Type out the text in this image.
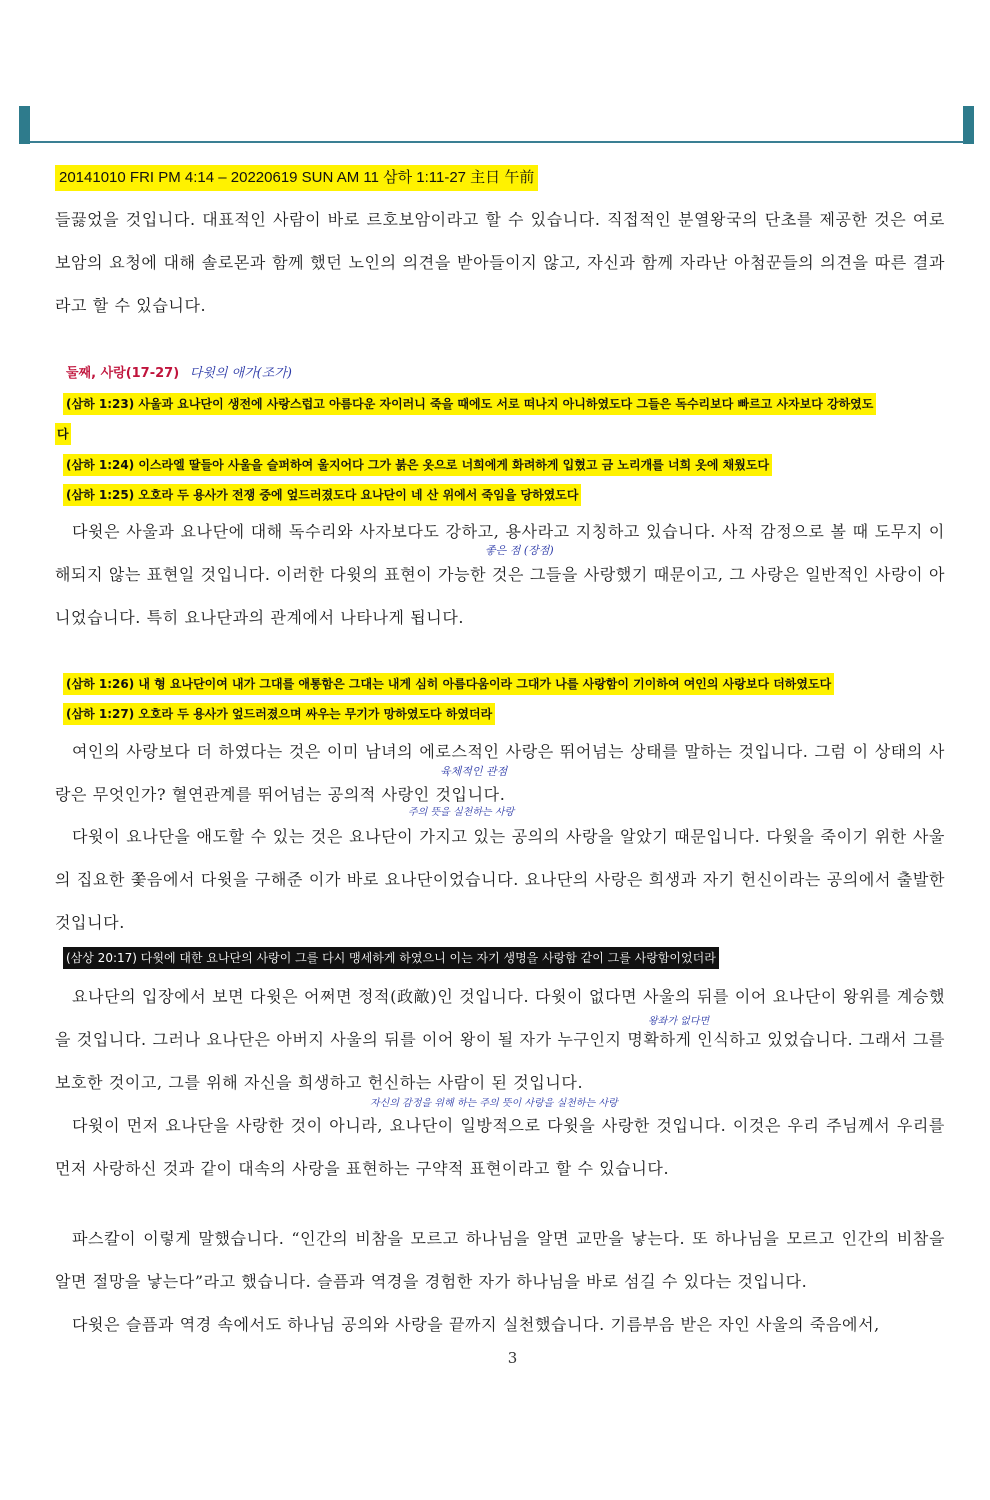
20141010 FRI PM 4:14 – 20220619 SUN AM 11 삼하 1:11-27 主日 午前
들끓었을 것입니다. 대표적인 사람이 바로 르호보암이라고 할 수 있습니다. 직접적인 분열왕국의 단초를 제공한 것은 여로보암의 요청에 대해 솔로몬과 함께 했던 노인의 의견을 받아들이지 않고, 자신과 함께 자라난 아첨꾼들의 의견을 따른 결과라고 할 수 있습니다.
둘째, 사랑(17-27) 다윗의 애가(조가)
(삼하 1:23) 사울과 요나단이 생전에 사랑스럽고 아름다운 자이러니 죽을 때에도 서로 떠나지 아니하였도다 그들은 독수리보다 빠르고 사자보다 강하였도
다
(삼하 1:24) 이스라엘 딸들아 사울을 슬퍼하여 울지어다 그가 붉은 옷으로 너희에게 화려하게 입혔고 금 노리개를 너희 옷에 채웠도다
(삼하 1:25) 오호라 두 용사가 전쟁 중에 엎드러졌도다 요나단이 네 산 위에서 죽임을 당하였도다
다윗은 사울과 요나단에 대해 독수리와 사자보다도 강하고, 용사라고 지칭하고 있습니다. 사적 감정으로 볼 때 도무지 이해되지 않는 표현일 것입니다. 이러한 다윗의 표현이 가능한 것은 그들을 사랑했기 때문이고, 그 사랑은 일반적인 사랑이 아니었습니다. 특히 요나단과의 관계에서 나타나게 됩니다.
좋은 점 (장점)
(삼하 1:26) 내 형 요나단이여 내가 그대를 애통함은 그대는 내게 심히 아름다움이라 그대가 나를 사랑함이 기이하여 여인의 사랑보다 더하였도다
(삼하 1:27) 오호라 두 용사가 엎드러졌으며 싸우는 무기가 망하였도다 하였더라
여인의 사랑보다 더 하였다는 것은 이미 남녀의 에로스적인 사랑은 뛰어넘는 상태를 말하는 것입니다. 그럼 이 상태의 사랑은 무엇인가? 혈연관계를 뛰어넘는 공의적 사랑인 것입니다.
육체적인 관점
주의 뜻을 실천하는 사랑
다윗이 요나단을 애도할 수 있는 것은 요나단이 가지고 있는 공의의 사랑을 알았기 때문입니다. 다윗을 죽이기 위한 사울의 집요한 쫓음에서 다윗을 구해준 이가 바로 요나단이었습니다. 요나단의 사랑은 희생과 자기 헌신이라는 공의에서 출발한 것입니다.
(삼상 20:17) 다윗에 대한 요나단의 사랑이 그를 다시 맹세하게 하였으니 이는 자기 생명을 사랑함 같이 그를 사랑함이었더라
요나단의 입장에서 보면 다윗은 어쩌면 정적(政敵)인 것입니다. 다윗이 없다면 사울의 뒤를 이어 요나단이 왕위를 계승했을 것입니다. 그러나 요나단은 아버지 사울의 뒤를 이어 왕이 될 자가 누구인지 명확하게 인식하고 있었습니다. 그래서 그를 보호한 것이고, 그를 위해 자신을 희생하고 헌신하는 사람이 된 것입니다.
왕좌가 없다면
자신의 감정을 위해 하는 주의 뜻이 사랑을 실천하는 사랑
다윗이 먼저 요나단을 사랑한 것이 아니라, 요나단이 일방적으로 다윗을 사랑한 것입니다. 이것은 우리 주님께서 우리를 먼저 사랑하신 것과 같이 대속의 사랑을 표현하는 구약적 표현이라고 할 수 있습니다.
파스칼이 이렇게 말했습니다. “인간의 비참을 모르고 하나님을 알면 교만을 낳는다. 또 하나님을 모르고 인간의 비참을 알면 절망을 낳는다”라고 했습니다. 슬픔과 역경을 경험한 자가 하나님을 바로 섬길 수 있다는 것입니다.
다윗은 슬픔과 역경 속에서도 하나님 공의와 사랑을 끝까지 실천했습니다. 기름부음 받은 자인 사울의 죽음에서,
3
